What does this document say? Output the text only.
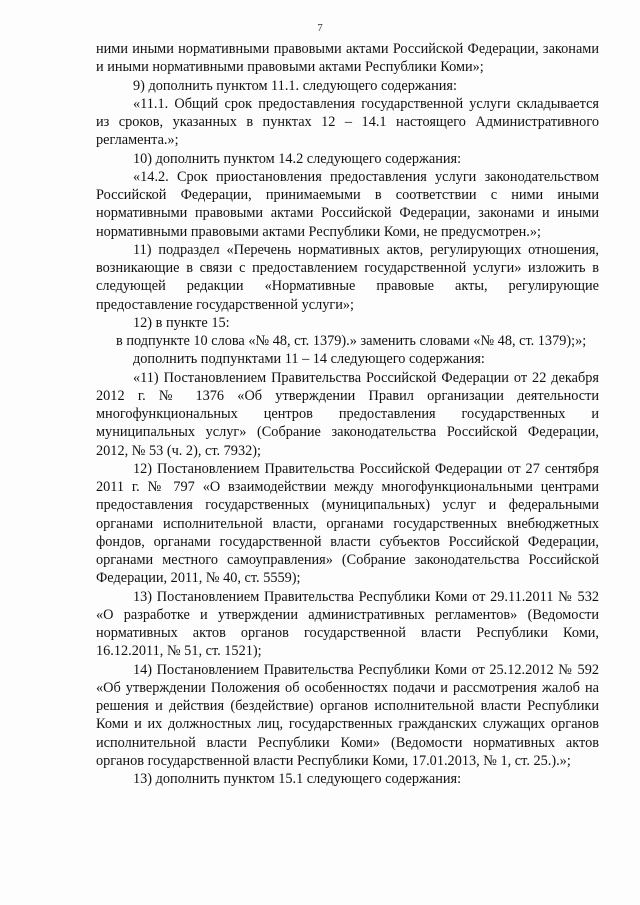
7

ними иными нормативными правовыми актами Российской Федерации, законами и иными нормативными правовыми актами Республики Коми»;

9) дополнить пунктом 11.1. следующего содержания:

«11.1. Общий срок предоставления государственной услуги складывается из сроков, указанных в пунктах 12 – 14.1 настоящего Административного регламента.»;

10) дополнить пунктом 14.2 следующего содержания:

«14.2. Срок приостановления предоставления услуги законодательством Российской Федерации, принимаемыми в соответствии с ними иными нормативными правовыми актами Российской Федерации, законами и иными нормативными правовыми актами Республики Коми, не предусмотрен.»;

11) подраздел «Перечень нормативных актов, регулирующих отношения, возникающие в связи с предоставлением государственной услуги» изложить в следующей редакции «Нормативные правовые акты, регулирующие предоставление государственной услуги»;

12) в пункте 15:

в подпункте 10 слова «№ 48, ст. 1379).» заменить словами «№ 48, ст. 1379);»;

дополнить подпунктами 11 – 14 следующего содержания:

«11) Постановлением Правительства Российской Федерации от 22 декабря 2012 г. № 1376 «Об утверждении Правил организации деятельности многофункциональных центров предоставления государственных и муниципальных услуг» (Собрание законодательства Российской Федерации, 2012, № 53 (ч. 2), ст. 7932);

12) Постановлением Правительства Российской Федерации от 27 сентября 2011 г. № 797 «О взаимодействии между многофункциональными центрами предоставления государственных (муниципальных) услуг и федеральными органами исполнительной власти, органами государственных внебюджетных фондов, органами государственной власти субъектов Российской Федерации, органами местного самоуправления» (Собрание законодательства Российской Федерации, 2011, № 40, ст. 5559);

13) Постановлением Правительства Республики Коми от 29.11.2011 № 532 «О разработке и утверждении административных регламентов» (Ведомости нормативных актов органов государственной власти Республики Коми, 16.12.2011, № 51, ст. 1521);

14) Постановлением Правительства Республики Коми от 25.12.2012 № 592 «Об утверждении Положения об особенностях подачи и рассмотрения жалоб на решения и действия (бездействие) органов исполнительной власти Республики Коми и их должностных лиц, государственных гражданских служащих органов исполнительной власти Республики Коми» (Ведомости нормативных актов органов государственной власти Республики Коми, 17.01.2013, № 1, ст. 25.).»;

13) дополнить пунктом 15.1 следующего содержания:
